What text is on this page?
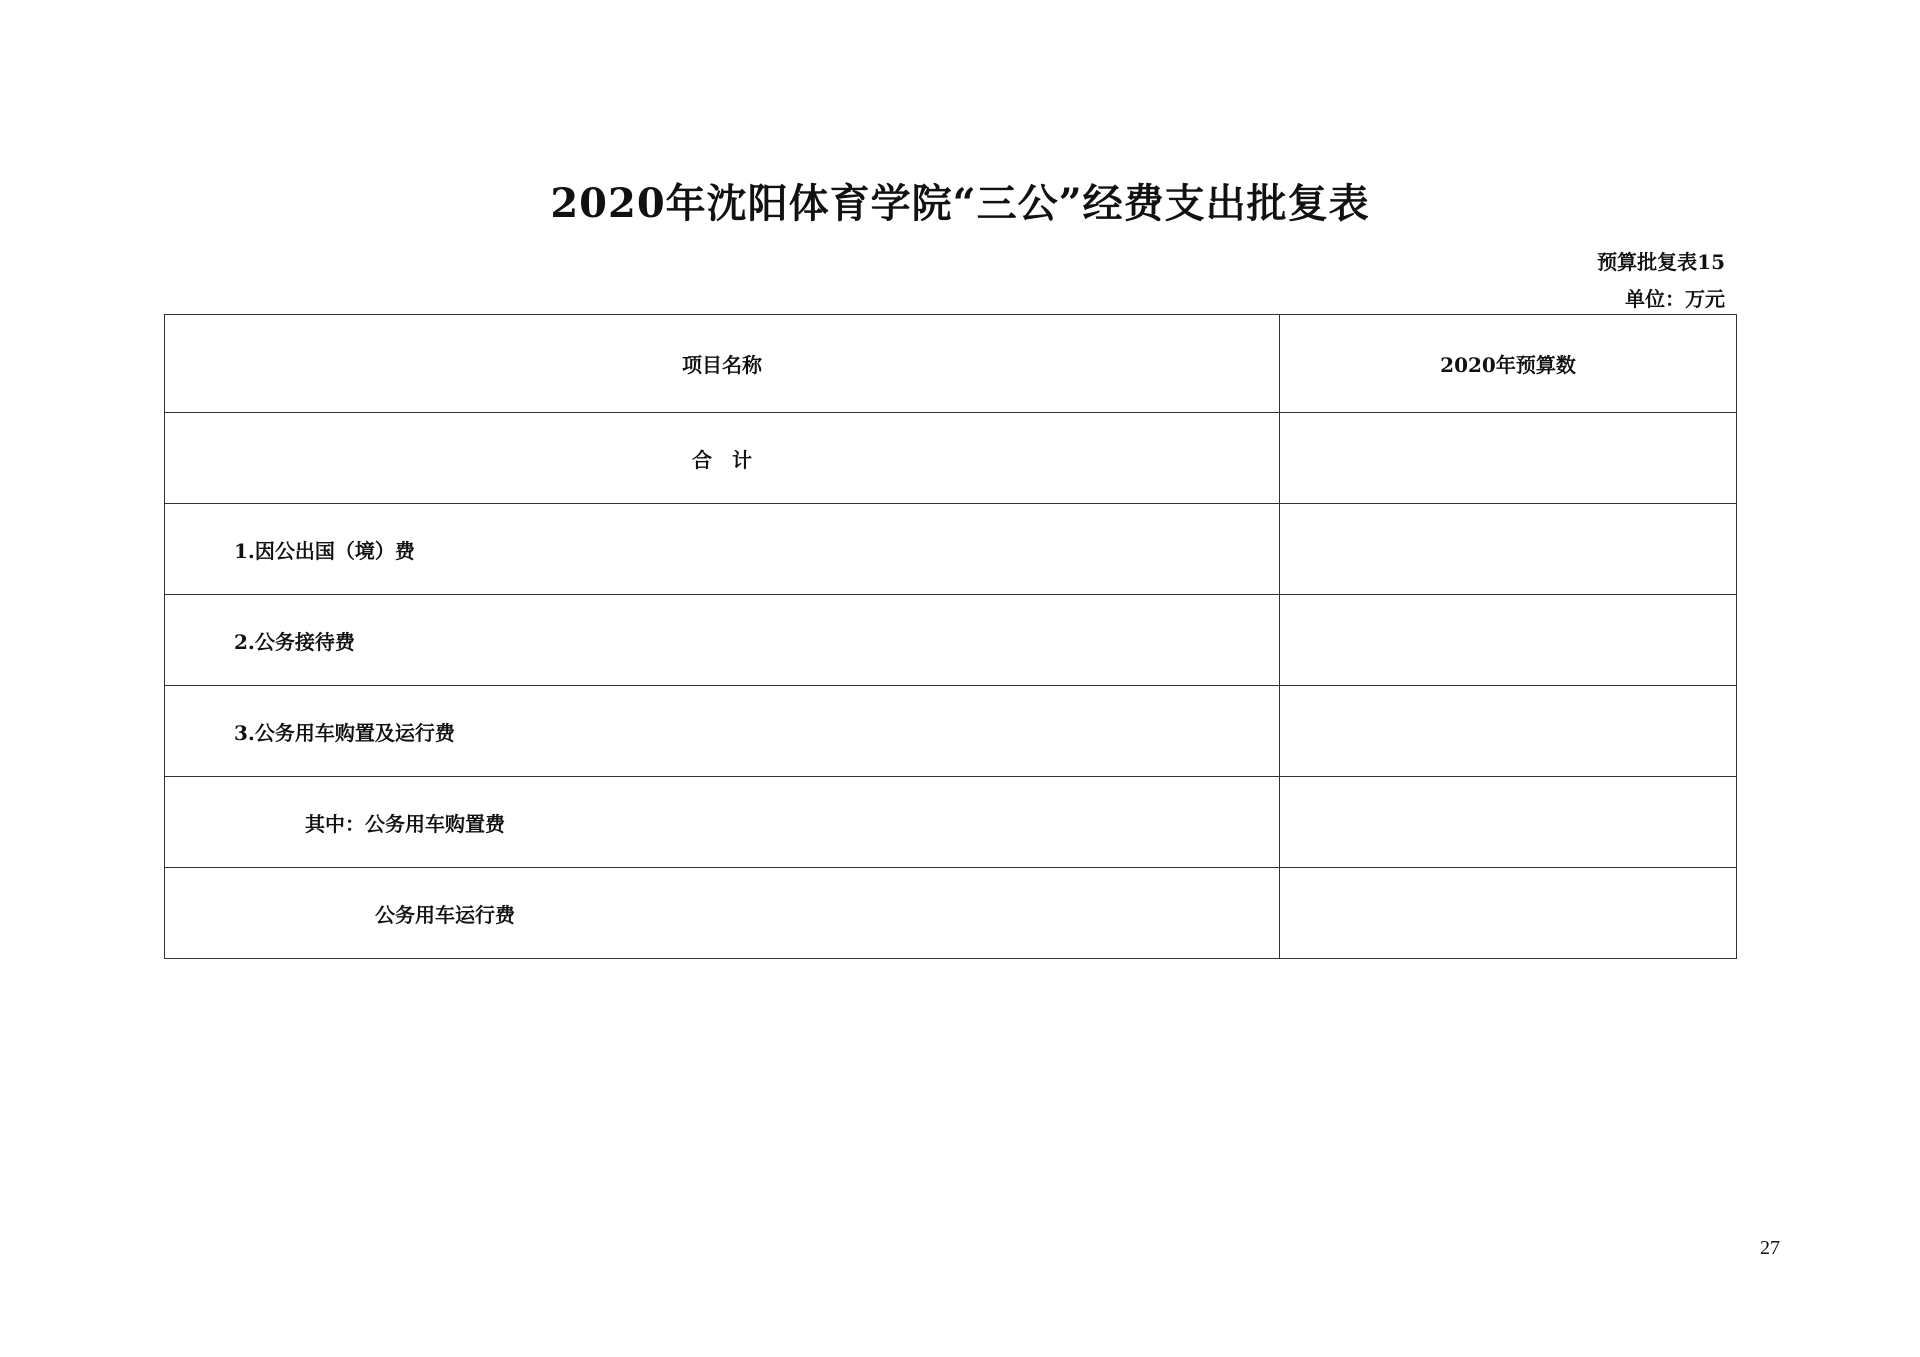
2020年沈阳体育学院“三公”经费支出批复表
预算批复表15
单位：万元
项目名称	2020年预算数
合　计	
1.因公出国（境）费	
2.公务接待费	
3.公务用车购置及运行费	
其中：公务用车购置费	
公务用车运行费	
27
